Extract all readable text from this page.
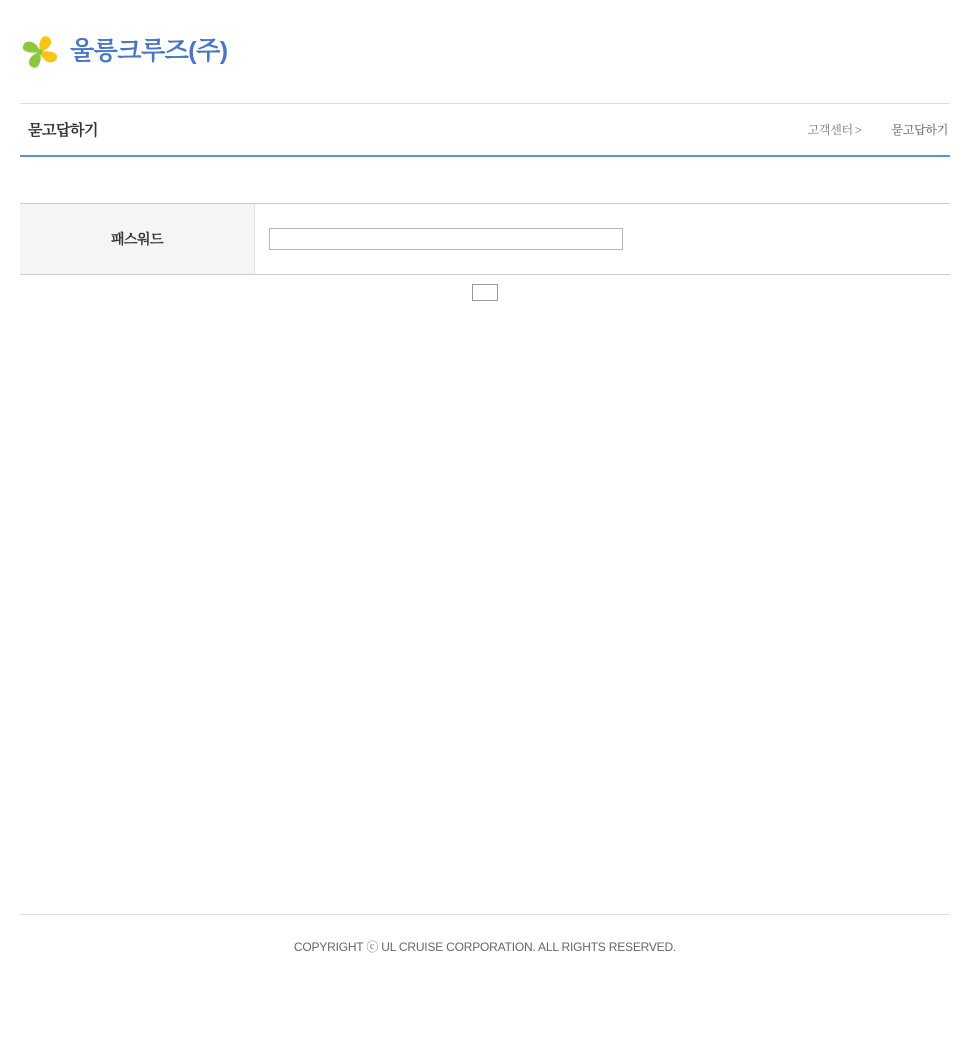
울릉크루즈(주)
묻고답하기	고객센터 >	묻고답하기
패스워드	
COPYRIGHT ⓒ UL CRUISE CORPORATION. ALL RIGHTS RESERVED.
